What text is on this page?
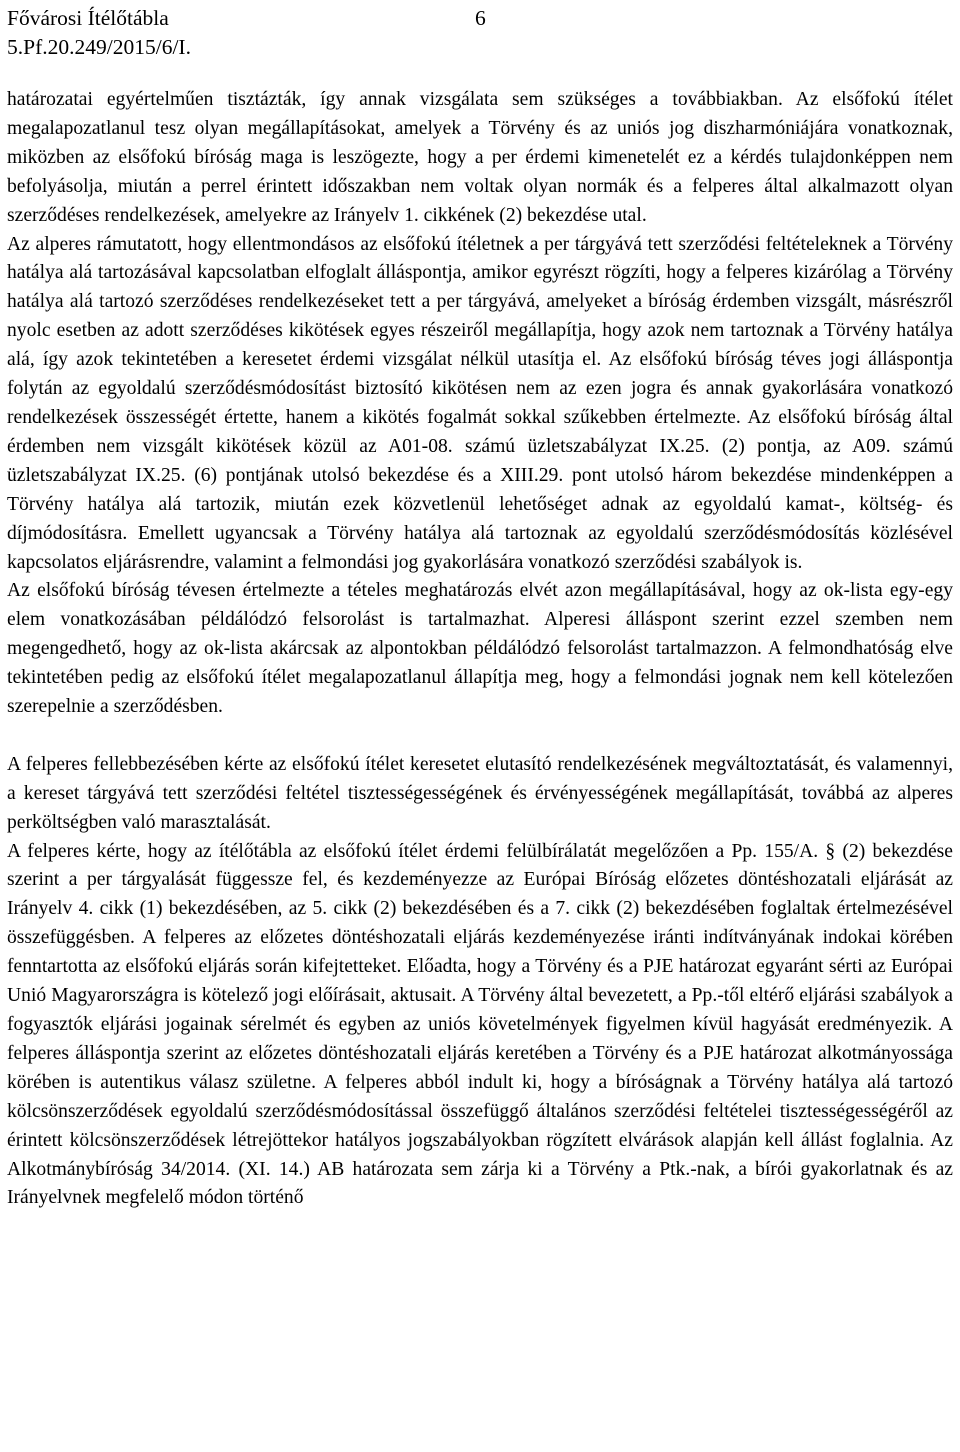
Fővárosi Ítélőtábla	6
5.Pf.20.249/2015/6/I.

határozatai egyértelműen tisztázták, így annak vizsgálata sem szükséges a továbbiakban. Az elsőfokú ítélet megalapozatlanul tesz olyan megállapításokat, amelyek a Törvény és az uniós jog diszharmóniájára vonatkoznak, miközben az elsőfokú bíróság maga is leszögezte, hogy a per érdemi kimenetelét ez a kérdés tulajdonképpen nem befolyásolja, miután a perrel érintett időszakban nem voltak olyan normák és a felperes által alkalmazott olyan szerződéses rendelkezések, amelyekre az Irányelv 1. cikkének (2) bekezdése utal.

Az alperes rámutatott, hogy ellentmondásos az elsőfokú ítéletnek a per tárgyává tett szerződési feltételeknek a Törvény hatálya alá tartozásával kapcsolatban elfoglalt álláspontja, amikor egyrészt rögzíti, hogy a felperes kizárólag a Törvény hatálya alá tartozó szerződéses rendelkezéseket tett a per tárgyává, amelyeket a bíróság érdemben vizsgált, másrészről nyolc esetben az adott szerződéses kikötések egyes részeiről megállapítja, hogy azok nem tartoznak a Törvény hatálya alá, így azok tekintetében a keresetet érdemi vizsgálat nélkül utasítja el. Az elsőfokú bíróság téves jogi álláspontja folytán az egyoldalú szerződésmódosítást biztosító kikötésen nem az ezen jogra és annak gyakorlására vonatkozó rendelkezések összességét értette, hanem a kikötés fogalmát sokkal szűkebben értelmezte. Az elsőfokú bíróság által érdemben nem vizsgált kikötések közül az A01-08. számú üzletszabályzat IX.25. (2) pontja, az A09. számú üzletszabályzat IX.25. (6) pontjának utolsó bekezdése és a XIII.29. pont utolsó három bekezdése mindenképpen a Törvény hatálya alá tartozik, miután ezek közvetlenül lehetőséget adnak az egyoldalú kamat-, költség- és díjmódosításra. Emellett ugyancsak a Törvény hatálya alá tartoznak az egyoldalú szerződésmódosítás közlésével kapcsolatos eljárásrendre, valamint a felmondási jog gyakorlására vonatkozó szerződési szabályok is.

Az elsőfokú bíróság tévesen értelmezte a tételes meghatározás elvét azon megállapításával, hogy az ok-lista egy-egy elem vonatkozásában példálódzó felsorolást is tartalmazhat. Alperesi álláspont szerint ezzel szemben nem megengedhető, hogy az ok-lista akárcsak az alpontokban példálódzó felsorolást tartalmazzon. A felmondhatóság elve tekintetében pedig az elsőfokú ítélet megalapozatlanul állapítja meg, hogy a felmondási jognak nem kell kötelezően szerepelnie a szerződésben.

A felperes fellebbezésében kérte az elsőfokú ítélet keresetet elutasító rendelkezésének megváltoztatását, és valamennyi, a kereset tárgyává tett szerződési feltétel tisztességességének és érvényességének megállapítását, továbbá az alperes perköltségben való marasztalását.

A felperes kérte, hogy az ítélőtábla az elsőfokú ítélet érdemi felülbírálatát megelőzően a Pp. 155/A. § (2) bekezdése szerint a per tárgyalását függessze fel, és kezdeményezze az Európai Bíróság előzetes döntéshozatali eljárását az Irányelv 4. cikk (1) bekezdésében, az 5. cikk (2) bekezdésében és a 7. cikk (2) bekezdésében foglaltak értelmezésével összefüggésben. A felperes az előzetes döntéshozatali eljárás kezdeményezése iránti indítványának indokai körében fenntartotta az elsőfokú eljárás során kifejtetteket. Előadta, hogy a Törvény és a PJE határozat egyaránt sérti az Európai Unió Magyarországra is kötelező jogi előírásait, aktusait. A Törvény által bevezetett, a Pp.-től eltérő eljárási szabályok a fogyasztók eljárási jogainak sérelmét és egyben az uniós követelmények figyelmen kívül hagyását eredményezik. A felperes álláspontja szerint az előzetes döntéshozatali eljárás keretében a Törvény és a PJE határozat alkotmányossága körében is autentikus válasz születne. A felperes abból indult ki, hogy a bíróságnak a Törvény hatálya alá tartozó kölcsönszerződések egyoldalú szerződésmódosítással összefüggő általános szerződési feltételei tisztességességéről az érintett kölcsönszerződések létrejöttekor hatályos jogszabályokban rögzített elvárások alapján kell állást foglalnia. Az Alkotmánybíróság 34/2014. (XI. 14.) AB határozata sem zárja ki a Törvény a Ptk.-nak, a bírói gyakorlatnak és az Irányelvnek megfelelő módon történő
